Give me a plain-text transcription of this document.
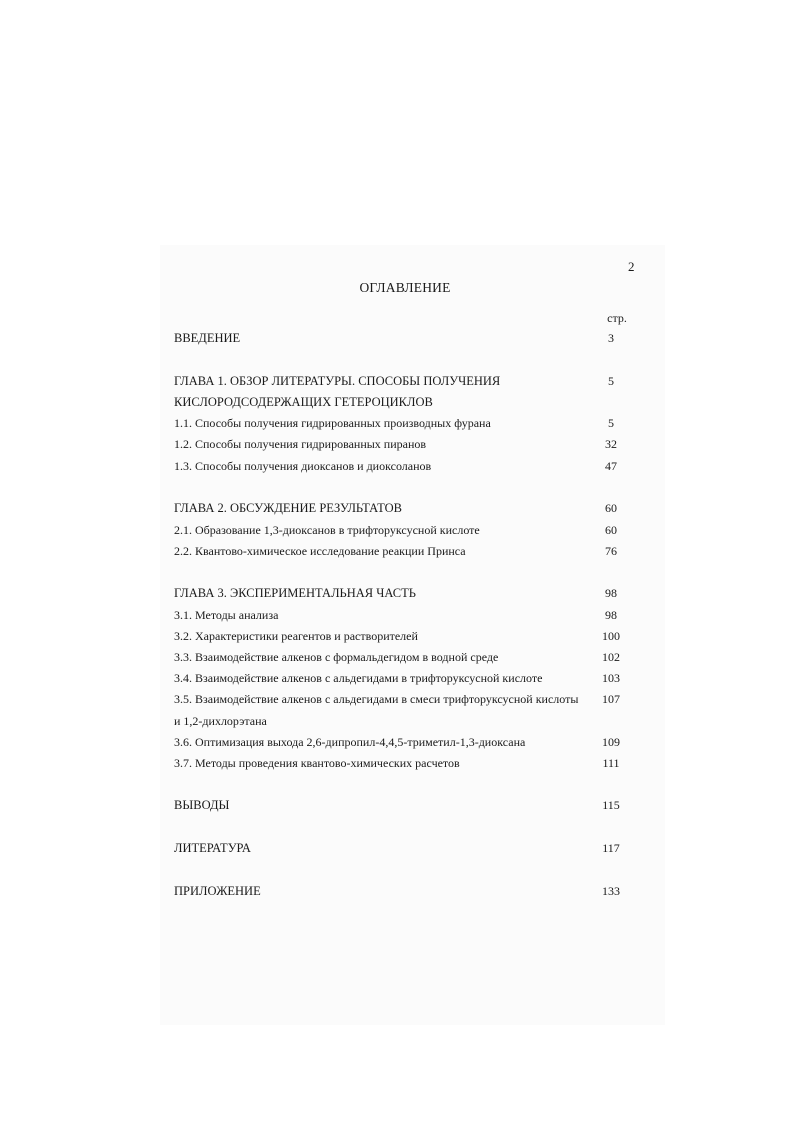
2
ОГЛАВЛЕНИЕ
стр.
ВВЕДЕНИЕ	3
ГЛАВА 1. ОБЗОР ЛИТЕРАТУРЫ. СПОСОБЫ ПОЛУЧЕНИЯ	5
КИСЛОРОДСОДЕРЖАЩИХ ГЕТЕРОЦИКЛОВ
1.1. Способы получения гидрированных производных фурана	5
1.2. Способы получения гидрированных пиранов	32
1.3. Способы получения диоксанов и диоксоланов	47
ГЛАВА 2. ОБСУЖДЕНИЕ РЕЗУЛЬТАТОВ	60
2.1. Образование 1,3-диоксанов в трифторуксусной кислоте	60
2.2. Квантово-химическое исследование реакции Принса	76
ГЛАВА 3. ЭКСПЕРИМЕНТАЛЬНАЯ ЧАСТЬ	98
3.1. Методы анализа	98
3.2. Характеристики реагентов и растворителей	100
3.3. Взаимодействие алкенов с формальдегидом в водной среде	102
3.4. Взаимодействие алкенов с альдегидами в трифторуксусной кислоте	103
3.5. Взаимодействие алкенов с альдегидами в смеси трифторуксусной кислоты	107
и 1,2-дихлорэтана
3.6. Оптимизация выхода 2,6-дипропил-4,4,5-триметил-1,3-диоксана	109
3.7. Методы проведения квантово-химических расчетов	111
ВЫВОДЫ	115
ЛИТЕРАТУРА	117
ПРИЛОЖЕНИЕ	133
